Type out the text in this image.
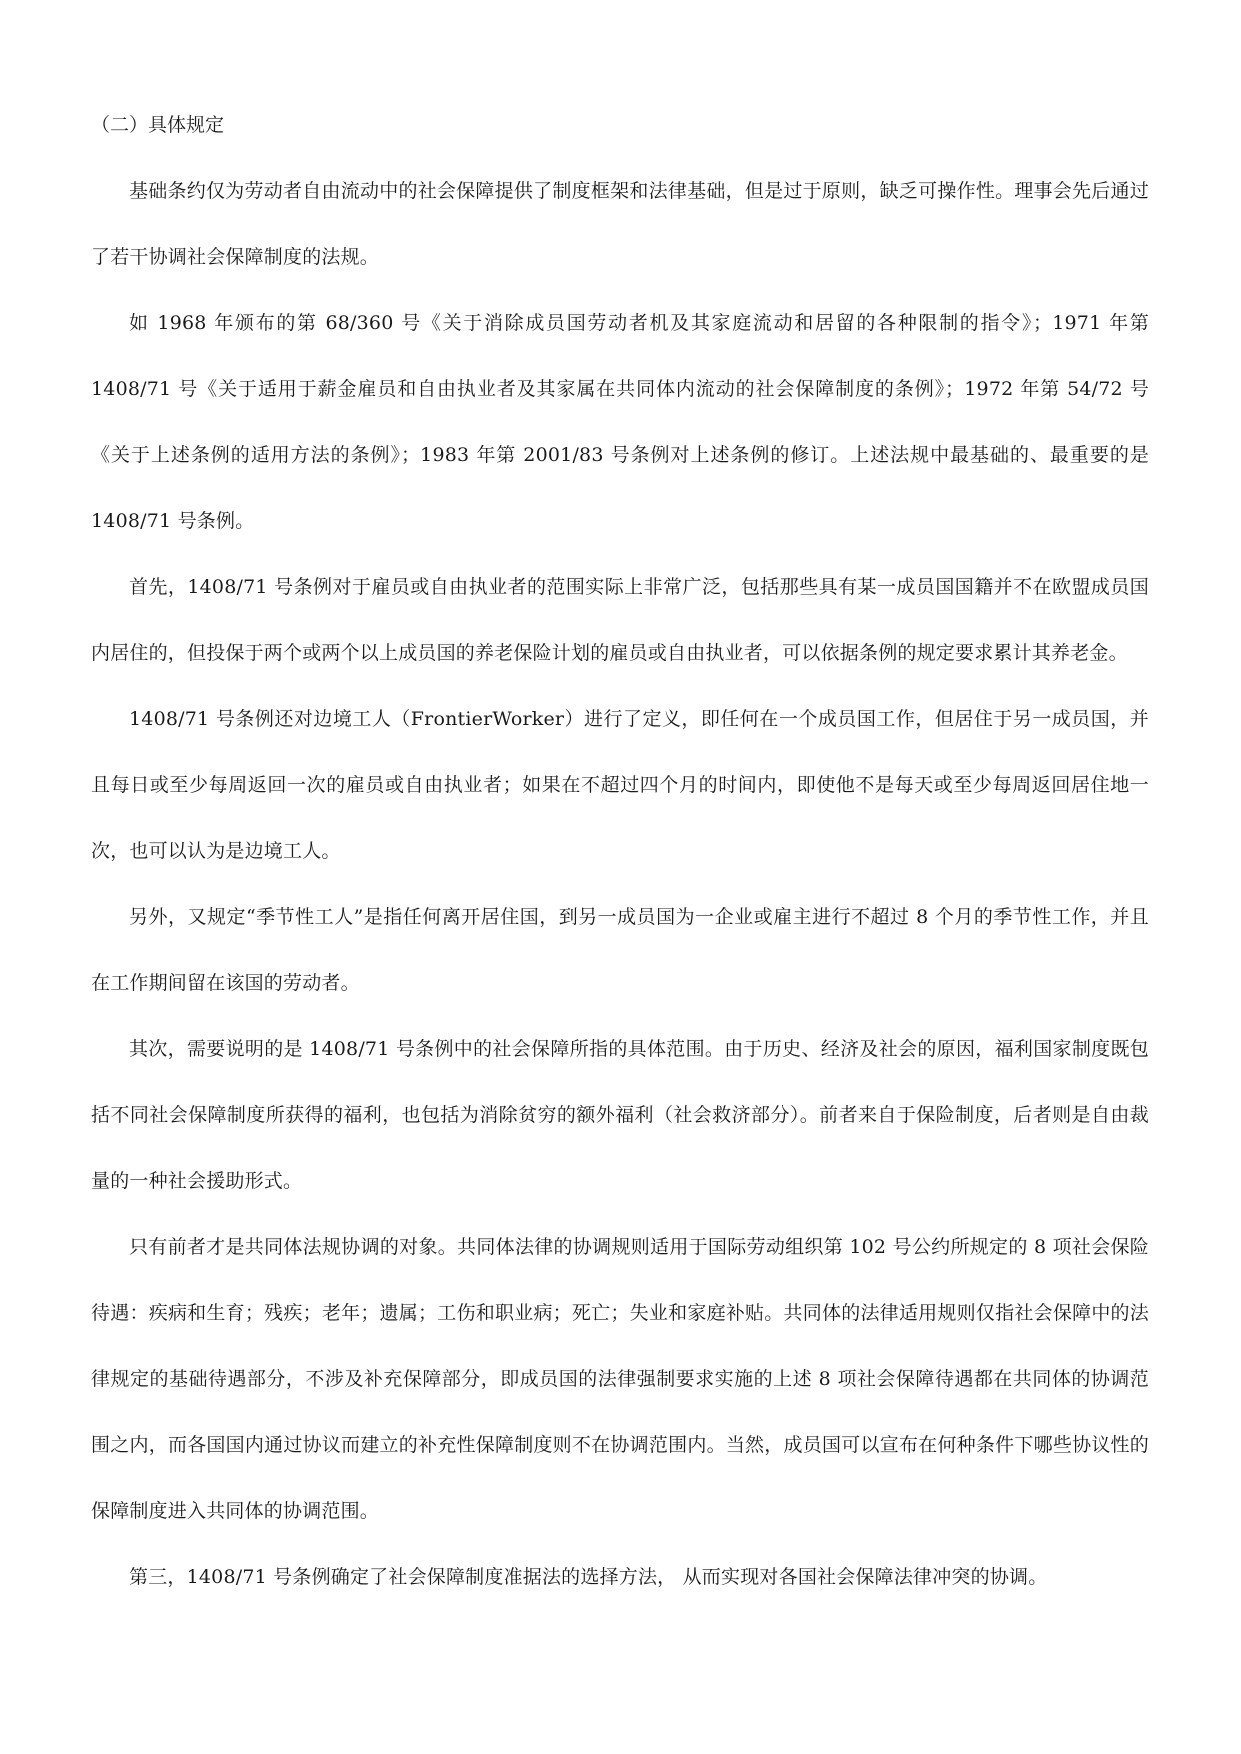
（二）具体规定

基础条约仅为劳动者自由流动中的社会保障提供了制度框架和法律基础，但是过于原则，缺乏可操作性。理事会先后通过了若干协调社会保障制度的法规。

如 1968 年颁布的第 68/360 号《关于消除成员国劳动者机及其家庭流动和居留的各种限制的指令》；1971 年第 1408/71 号《关于适用于薪金雇员和自由执业者及其家属在共同体内流动的社会保障制度的条例》；1972 年第 54/72 号《关于上述条例的适用方法的条例》；1983 年第 2001/83 号条例对上述条例的修订。上述法规中最基础的、最重要的是 1408/71 号条例。

首先，1408/71 号条例对于雇员或自由执业者的范围实际上非常广泛，包括那些具有某一成员国国籍并不在欧盟成员国内居住的，但投保于两个或两个以上成员国的养老保险计划的雇员或自由执业者，可以依据条例的规定要求累计其养老金。

1408/71 号条例还对边境工人（FrontierWorker）进行了定义，即任何在一个成员国工作，但居住于另一成员国，并且每日或至少每周返回一次的雇员或自由执业者；如果在不超过四个月的时间内，即使他不是每天或至少每周返回居住地一次，也可以认为是边境工人。

另外，又规定“季节性工人”是指任何离开居住国，到另一成员国为一企业或雇主进行不超过 8 个月的季节性工作，并且在工作期间留在该国的劳动者。

其次，需要说明的是 1408/71 号条例中的社会保障所指的具体范围。由于历史、经济及社会的原因，福利国家制度既包括不同社会保障制度所获得的福利，也包括为消除贫穷的额外福利（社会救济部分）。前者来自于保险制度，后者则是自由裁量的一种社会援助形式。

只有前者才是共同体法规协调的对象。共同体法律的协调规则适用于国际劳动组织第 102 号公约所规定的 8 项社会保险待遇：疾病和生育；残疾；老年；遗属；工伤和职业病；死亡；失业和家庭补贴。共同体的法律适用规则仅指社会保障中的法律规定的基础待遇部分，不涉及补充保障部分，即成员国的法律强制要求实施的上述 8 项社会保障待遇都在共同体的协调范围之内，而各国国内通过协议而建立的补充性保障制度则不在协调范围内。当然，成员国可以宣布在何种条件下哪些协议性的保障制度进入共同体的协调范围。

第三，1408/71 号条例确定了社会保障制度准据法的选择方法， 从而实现对各国社会保障法律冲突的协调。
